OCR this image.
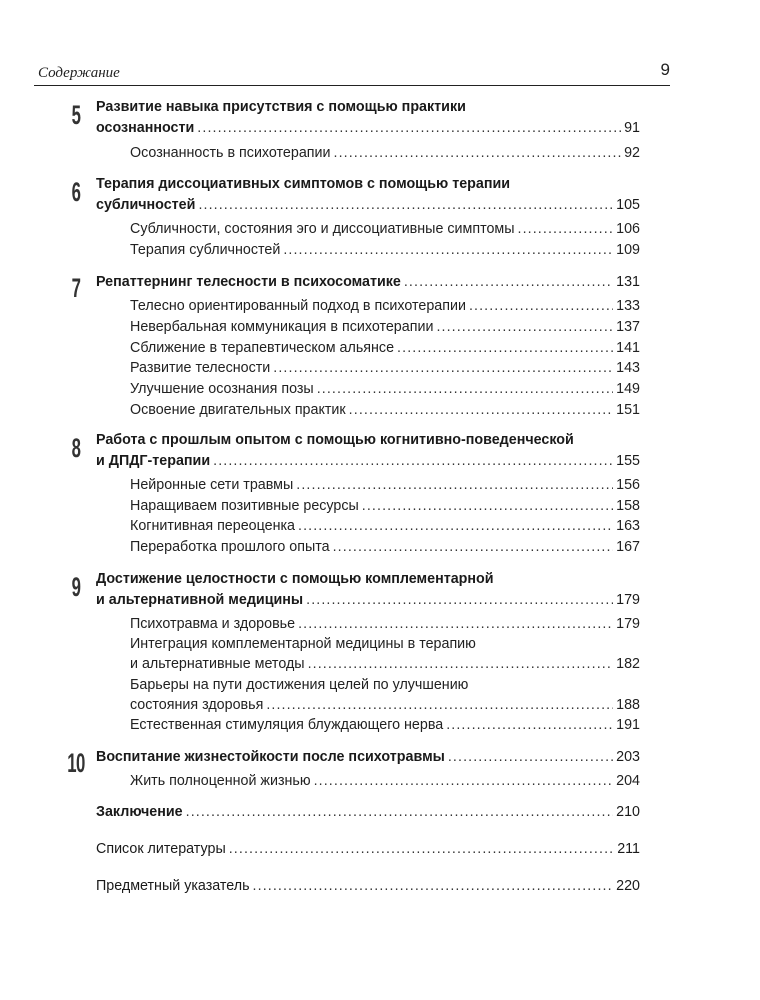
Содержание	9
5	Развитие навыка присутствия с помощью практики
осознанности .....	91
Осознанность в психотерапии .....	92
6	Терапия диссоциативных симптомов с помощью терапии
субличностей .....	105
Субличности, состояния эго и диссоциативные симптомы .....	106
Терапия субличностей .....	109
7	Репаттернинг телесности в психосоматике .....	131
Телесно ориентированный подход в психотерапии .....	133
Невербальная коммуникация в психотерапии .....	137
Сближение в терапевтическом альянсе .....	141
Развитие телесности .....	143
Улучшение осознания позы .....	149
Освоение двигательных практик .....	151
8	Работа с прошлым опытом с помощью когнитивно-поведенческой
и ДПДГ-терапии .....	155
Нейронные сети травмы .....	156
Наращиваем позитивные ресурсы .....	158
Когнитивная переоценка .....	163
Переработка прошлого опыта .....	167
9	Достижение целостности с помощью комплементарной
и альтернативной медицины .....	179
Психотравма и здоровье .....	179
Интеграция комплементарной медицины в терапию
и альтернативные методы .....	182
Барьеры на пути достижения целей по улучшению
состояния здоровья .....	188
Естественная стимуляция блуждающего нерва .....	191
10 Воспитание жизнестойкости после психотравмы .....	203
Жить полноценной жизнью .....	204
Заключение .....	210
Список литературы .....	211
Предметный указатель .....	220
